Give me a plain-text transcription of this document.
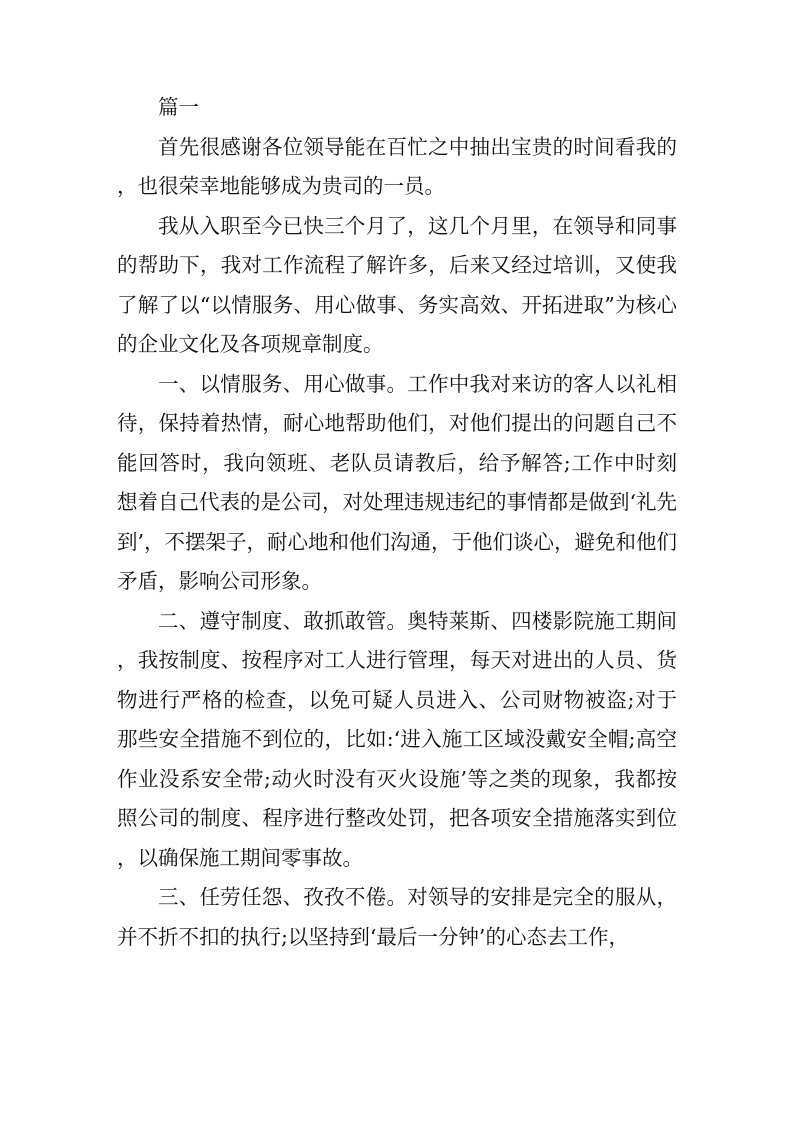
篇一

首先很感谢各位领导能在百忙之中抽出宝贵的时间看我的，也很荣幸地能够成为贵司的一员。

我从入职至今已快三个月了，这几个月里，在领导和同事的帮助下，我对工作流程了解许多，后来又经过培训，又使我了解了以“以情服务、用心做事、务实高效、开拓进取”为核心的企业文化及各项规章制度。

一、以情服务、用心做事。工作中我对来访的客人以礼相待，保持着热情，耐心地帮助他们，对他们提出的问题自己不能回答时，我向领班、老队员请教后，给予解答;工作中时刻想着自己代表的是公司，对处理违规违纪的事情都是做到‘礼先到’，不摆架子，耐心地和他们沟通，于他们谈心，避免和他们矛盾，影响公司形象。

二、遵守制度、敢抓敢管。奥特莱斯、四楼影院施工期间，我按制度、按程序对工人进行管理，每天对进出的人员、货物进行严格的检查，以免可疑人员进入、公司财物被盗;对于那些安全措施不到位的，比如:‘进入施工区域没戴安全帽;高空作业没系安全带;动火时没有灭火设施’等之类的现象，我都按照公司的制度、程序进行整改处罚，把各项安全措施落实到位，以确保施工期间零事故。

三、任劳任怨、孜孜不倦。对领导的安排是完全的服从，并不折不扣的执行;以坚持到‘最后一分钟’的心态去工作，
